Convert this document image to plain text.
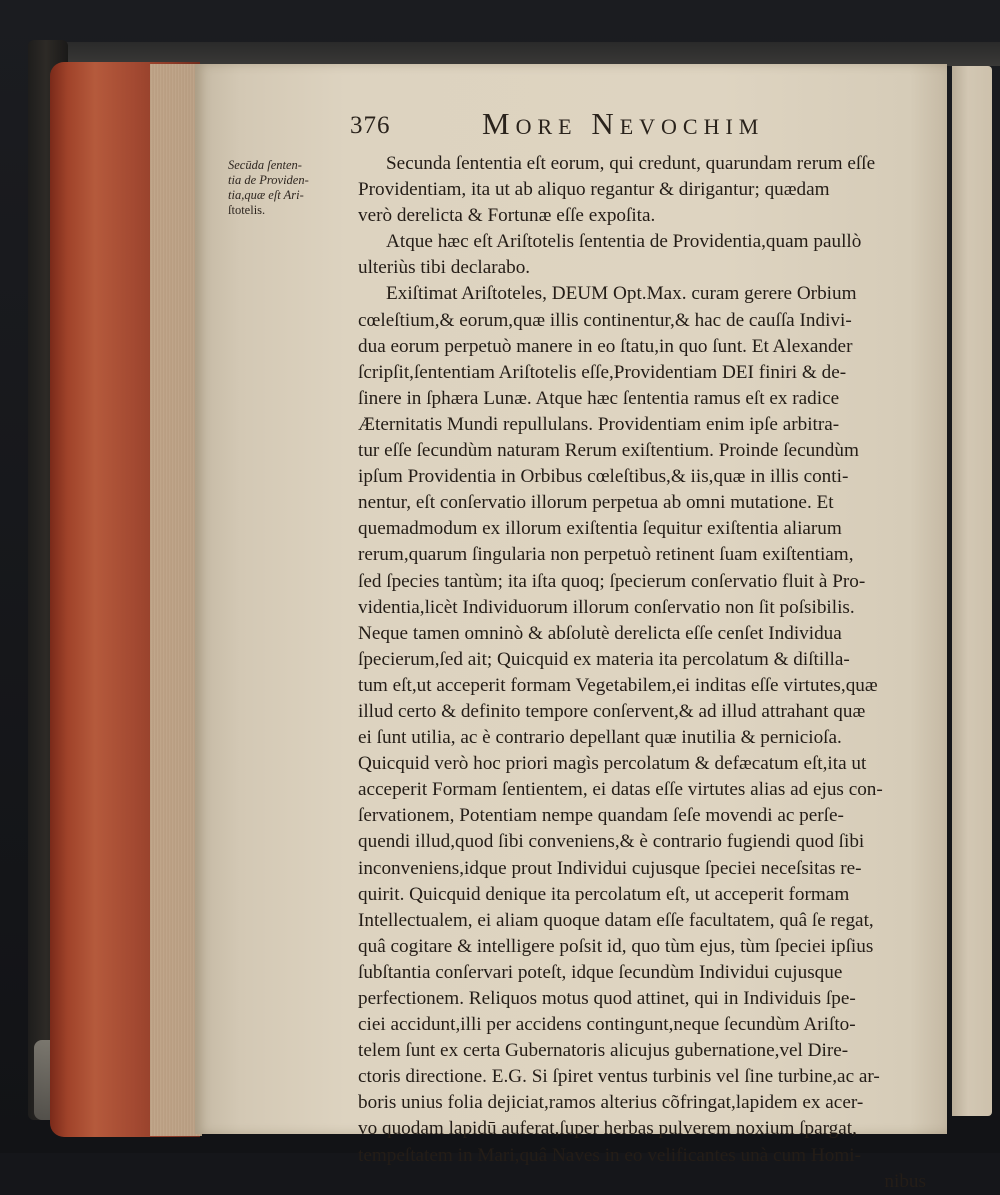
376	More Nevochim
Secūda ſenten-
tia de Providen-
tia,quæ eſt Ari-
ſtotelis.
Secunda ſententia eſt eorum, qui credunt, quarundam rerum eſſe
Providentiam, ita ut ab aliquo regantur & dirigantur; quædam
verò derelicta & Fortunæ eſſe expoſita.
Atque hæc eſt Ariſtotelis ſententia de Providentia,quam paullò
ulteriùs tibi declarabo.
Exiſtimat Ariſtoteles, DEUM Opt.Max. curam gerere Orbium
cœleſtium,& eorum,quæ illis continentur,& hac de cauſſa Indivi-
dua eorum perpetuò manere in eo ſtatu,in quo ſunt. Et Alexander
ſcripſit,ſententiam Ariſtotelis eſſe,Providentiam DEI finiri & de-
ſinere in ſphæra Lunæ. Atque hæc ſententia ramus eſt ex radice
Æternitatis Mundi repullulans. Providentiam enim ipſe arbitra-
tur eſſe ſecundùm naturam Rerum exiſtentium. Proinde ſecundùm
ipſum Providentia in Orbibus cœleſtibus,& iis,quæ in illis conti-
nentur, eſt conſervatio illorum perpetua ab omni mutatione. Et
quemadmodum ex illorum exiſtentia ſequitur exiſtentia aliarum
rerum,quarum ſingularia non perpetuò retinent ſuam exiſtentiam,
ſed ſpecies tantùm; ita iſta quoq; ſpecierum conſervatio fluit à Pro-
videntia,licèt Individuorum illorum conſervatio non ſit poſsibilis.
Neque tamen omninò & abſolutè derelicta eſſe cenſet Individua
ſpecierum,ſed ait; Quicquid ex materia ita percolatum & diſtilla-
tum eſt,ut acceperit formam Vegetabilem,ei inditas eſſe virtutes,quæ
illud certo & definito tempore conſervent,& ad illud attrahant quæ
ei ſunt utilia, ac è contrario depellant quæ inutilia & pernicioſa.
Quicquid verò hoc priori magìs percolatum & defæcatum eſt,ita ut
acceperit Formam ſentientem, ei datas eſſe virtutes alias ad ejus con-
ſervationem, Potentiam nempe quandam ſeſe movendi ac perſe-
quendi illud,quod ſibi conveniens,& è contrario fugiendi quod ſibi
inconveniens,idque prout Individui cujusque ſpeciei neceſsitas re-
quirit. Quicquid denique ita percolatum eſt, ut acceperit formam
Intellectualem, ei aliam quoque datam eſſe facultatem, quâ ſe regat,
quâ cogitare & intelligere poſsit id, quo tùm ejus, tùm ſpeciei ipſius
ſubſtantia conſervari poteſt, idque ſecundùm Individui cujusque
perfectionem. Reliquos motus quod attinet, qui in Individuis ſpe-
ciei accidunt,illi per accidens contingunt,neque ſecundùm Ariſto-
telem ſunt ex certa Gubernatoris alicujus gubernatione,vel Dire-
ctoris directione. E.G. Si ſpiret ventus turbinis vel ſine turbine,ac ar-
boris unius folia dejiciat,ramos alterius cõfringat,lapidem ex acer-
vo quodam lapidū auferat,ſuper herbas pulverem noxium ſpargat,
tempeſtatem in Mari,quâ Naves in eo velificantes unà cum Homi-
nibus
